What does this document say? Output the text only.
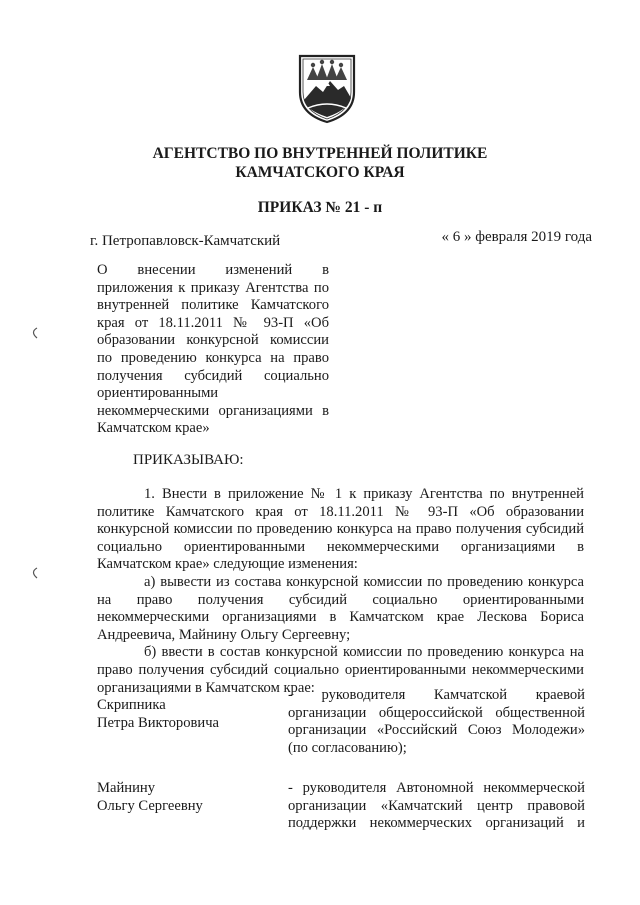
АГЕНТСТВО ПО ВНУТРЕННЕЙ ПОЛИТИКЕ
КАМЧАТСКОГО КРАЯ
ПРИКАЗ № 21 - п
г. Петропавловск-Камчатский	« 6 » февраля 2019 года
О внесении изменений в
приложения к приказу Агентства по
внутренней политике Камчатского
края от 18.11.2011 № 93-П «Об
образовании конкурсной комиссии
по проведению конкурса на право
получения субсидий социально
ориентированными
некоммерческими организациями в
Камчатском крае»
ПРИКАЗЫВАЮ:

1. Внести в приложение № 1 к приказу Агентства по внутренней политике Камчатского края от 18.11.2011 № 93-П «Об образовании конкурсной комиссии по проведению конкурса на право получения субсидий социально ориентированными некоммерческими организациями в Камчатском крае» следующие изменения:

а) вывести из состава конкурсной комиссии по проведению конкурса на право получения субсидий социально ориентированными некоммерческими организациями в Камчатском крае Лескова Бориса Андреевича, Майнину Ольгу Сергеевну;

б) ввести в состав конкурсной комиссии по проведению конкурса на право получения субсидий социально ориентированными некоммерческими организациями в Камчатском крае:

Скрипника
Петра Викторовича
- руководителя Камчатской краевой
организации общероссийской общественной
организации «Российский Союз Молодежи»
(по согласованию);
Майнину
Ольгу Сергеевну
- руководителя Автономной некоммерческой
организации «Камчатский центр правовой
поддержки некоммерческих организаций и
